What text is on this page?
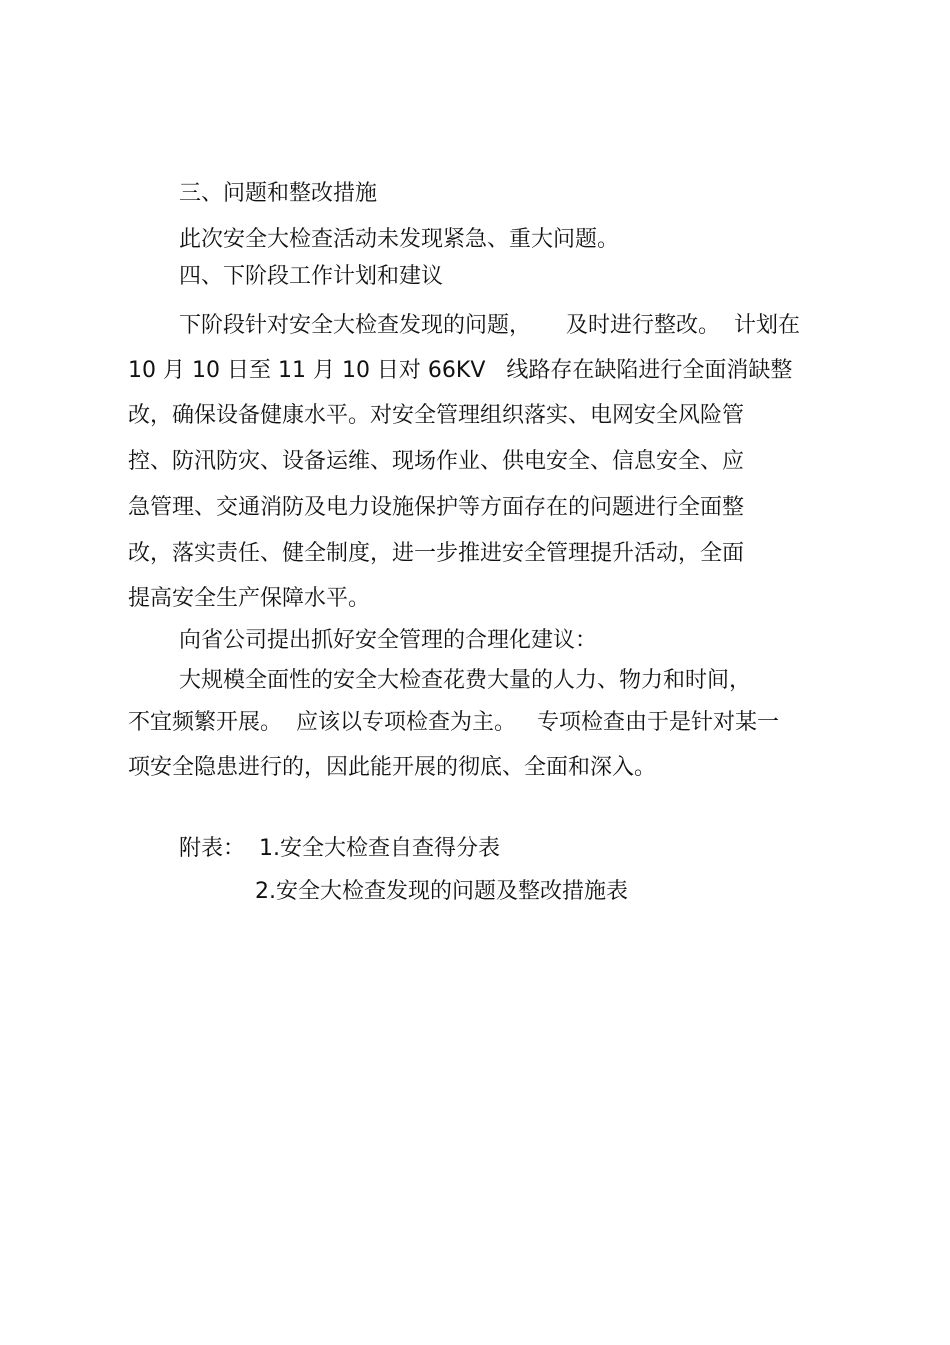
三、问题和整改措施

此次安全大检查活动未发现紧急、重大问题。

四、下阶段工作计划和建议

下阶段针对安全大检查发现的问题，     及时进行整改。  计划在

10 月 10 日至 11 月 10 日对 66KV   线路存在缺陷进行全面消缺整

改，确保设备健康水平。对安全管理组织落实、电网安全风险管

控、防汛防灾、设备运维、现场作业、供电安全、信息安全、应

急管理、交通消防及电力设施保护等方面存在的问题进行全面整

改，落实责任、健全制度，进一步推进安全管理提升活动，全面

提高安全生产保障水平。

向省公司提出抓好安全管理的合理化建议：

大规模全面性的安全大检查花费大量的人力、物力和时间，

不宜频繁开展。  应该以专项检查为主。   专项检查由于是针对某一

项安全隐患进行的，因此能开展的彻底、全面和深入。

附表：  1.安全大检查自查得分表

2.安全大检查发现的问题及整改措施表
